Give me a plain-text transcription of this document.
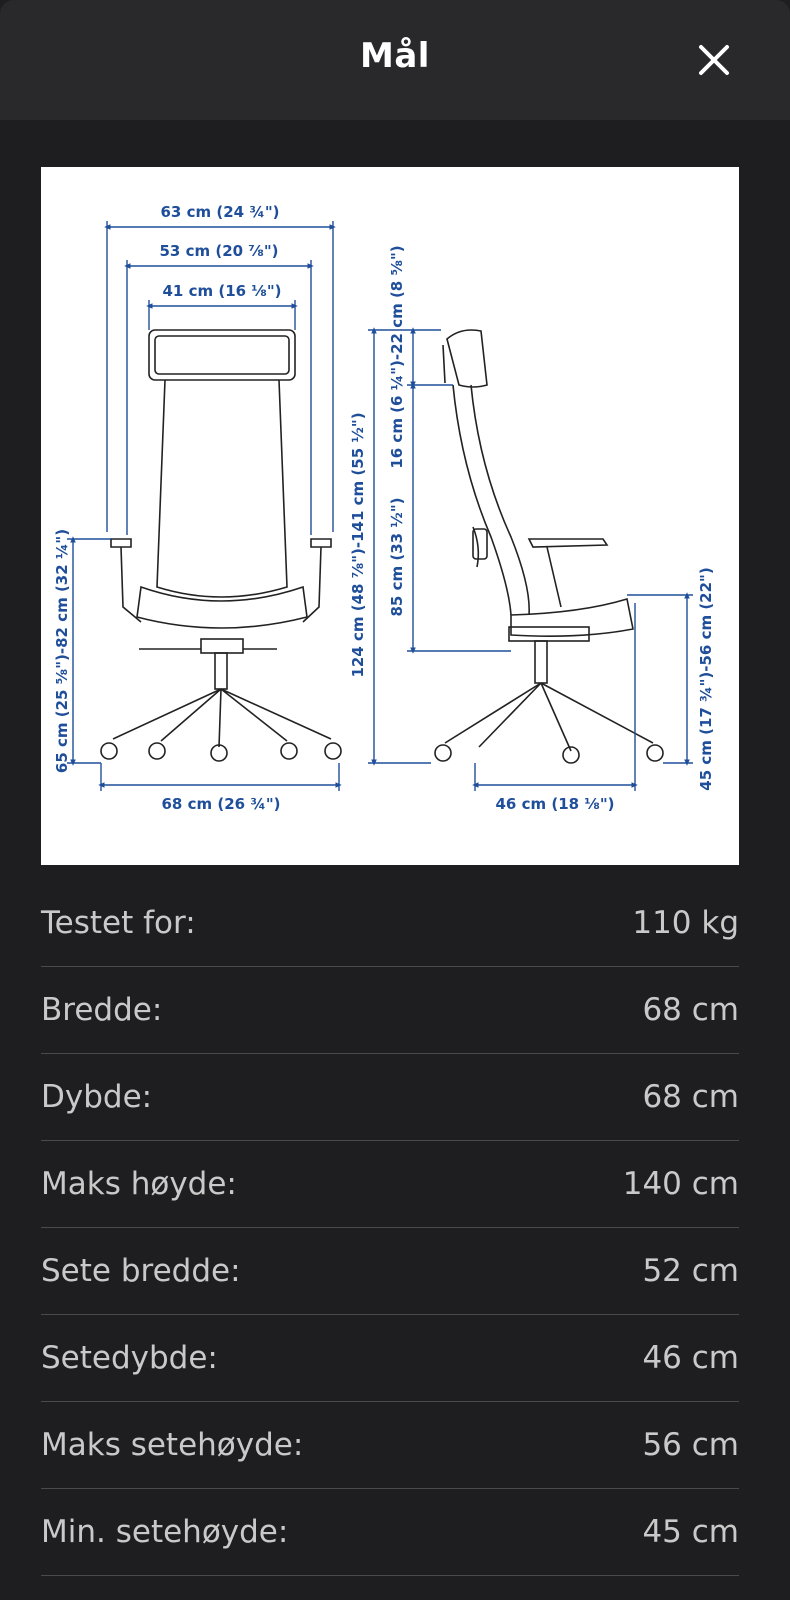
Mål
63 cm (24 ¾")
53 cm (20 ⅞")
41 cm (16 ⅛")
65 cm (25 ⅝")-82 cm (32 ¼")
68 cm (26 ¾")
124 cm (48 ⅞")-141 cm (55 ½")
16 cm (6 ¼")-22 cm (8 ⅝")
85 cm (33 ½")
45 cm (17 ¾")-56 cm (22")
46 cm (18 ⅛")
Testet for:	110 kg
Bredde:	68 cm
Dybde:	68 cm
Maks høyde:	140 cm
Sete bredde:	52 cm
Setedybde:	46 cm
Maks setehøyde:	56 cm
Min. setehøyde:	45 cm
